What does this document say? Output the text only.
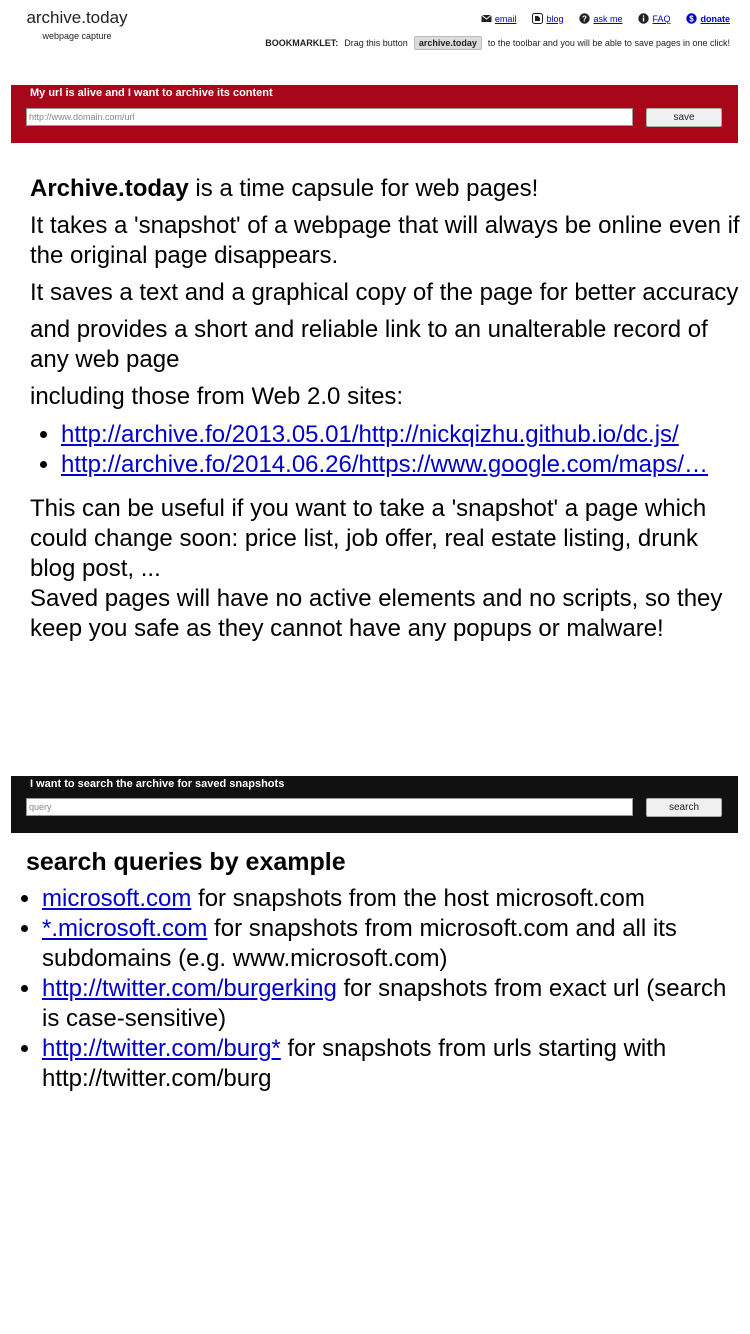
archive.today
webpage capture
email	blog ? ask me	FAQ $ donate
BOOKMARKLET: Drag this button	archive.today	to the toolbar and you will be able to save pages in one click!
My url is alive and I want to archive its content
http://www.domain.com/url
save

Archive.today is a time capsule for web pages!

It takes a 'snapshot' of a webpage that will always be online even if the original page disappears.

It saves a text and a graphical copy of the page for better accuracy

and provides a short and reliable link to an unalterable record of any web page

including those from Web 2.0 sites:

• http://archive.fo/2013.05.01/http://nickqizhu.github.io/dc.js/
• http://archive.fo/2014.06.26/https://www.google.com/maps/…

This can be useful if you want to take a 'snapshot' a page which could change soon: price list, job offer, real estate listing, drunk blog post, ...

Saved pages will have no active elements and no scripts, so they keep you safe as they cannot have any popups or malware!

I want to search the archive for saved snapshots
query
search
search queries by example
• microsoft.com for snapshots from the host microsoft.com
• *.microsoft.com for snapshots from microsoft.com and all its subdomains (e.g. www.microsoft.com)
• http://twitter.com/burgerking for snapshots from exact url (search is case-sensitive)
• http://twitter.com/burg* for snapshots from urls starting with http://twitter.com/burg
